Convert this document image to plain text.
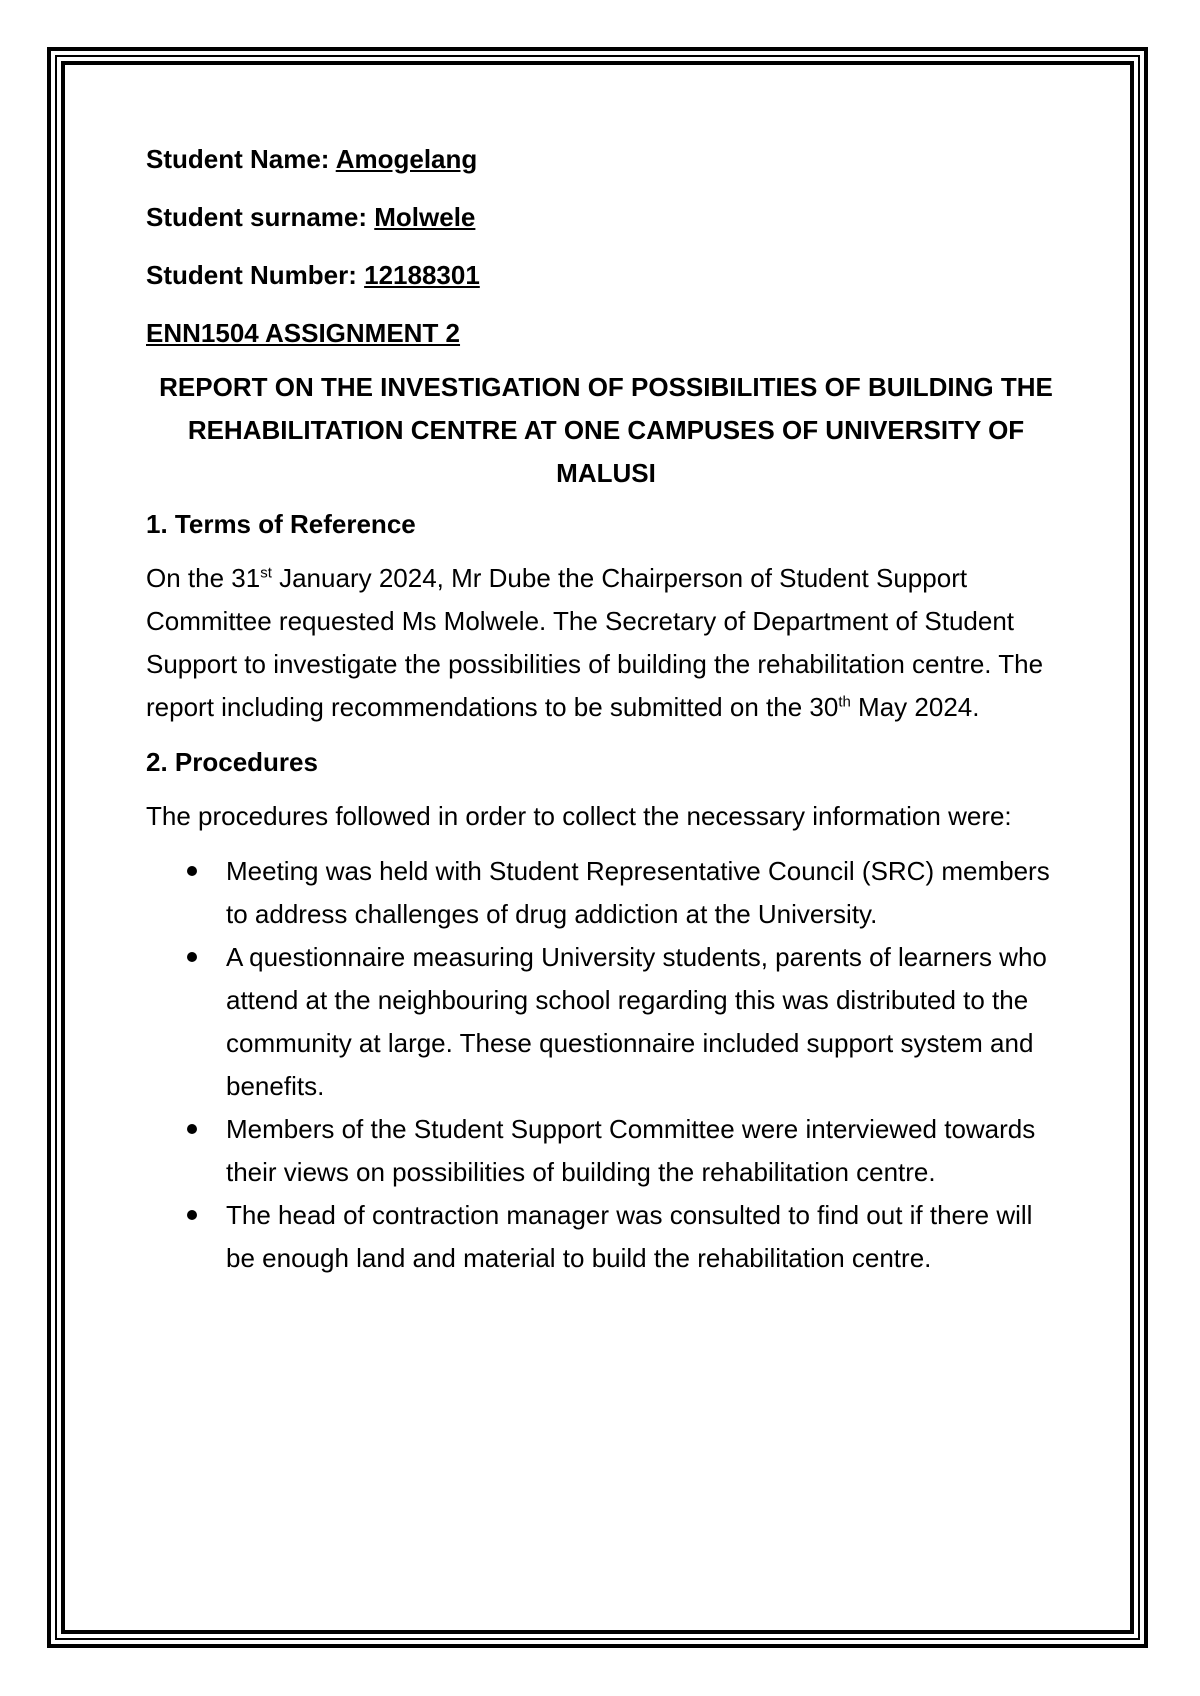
Student Name: Amogelang

Student surname: Molwele

Student Number: 12188301

ENN1504 ASSIGNMENT 2

REPORT ON THE INVESTIGATION OF POSSIBILITIES OF BUILDING THE REHABILITATION CENTRE AT ONE CAMPUSES OF UNIVERSITY OF MALUSI

1. Terms of Reference

On the 31st January 2024, Mr Dube the Chairperson of Student Support Committee requested Ms Molwele. The Secretary of Department of Student Support to investigate the possibilities of building the rehabilitation centre. The report including recommendations to be submitted on the 30th May 2024.

2. Procedures

The procedures followed in order to collect the necessary information were:

Meeting was held with Student Representative Council (SRC) members to address challenges of drug addiction at the University.
A questionnaire measuring University students, parents of learners who attend at the neighbouring school regarding this was distributed to the community at large. These questionnaire included support system and benefits.
Members of the Student Support Committee were interviewed towards their views on possibilities of building the rehabilitation centre.
The head of contraction manager was consulted to find out if there will be enough land and material to build the rehabilitation centre.
